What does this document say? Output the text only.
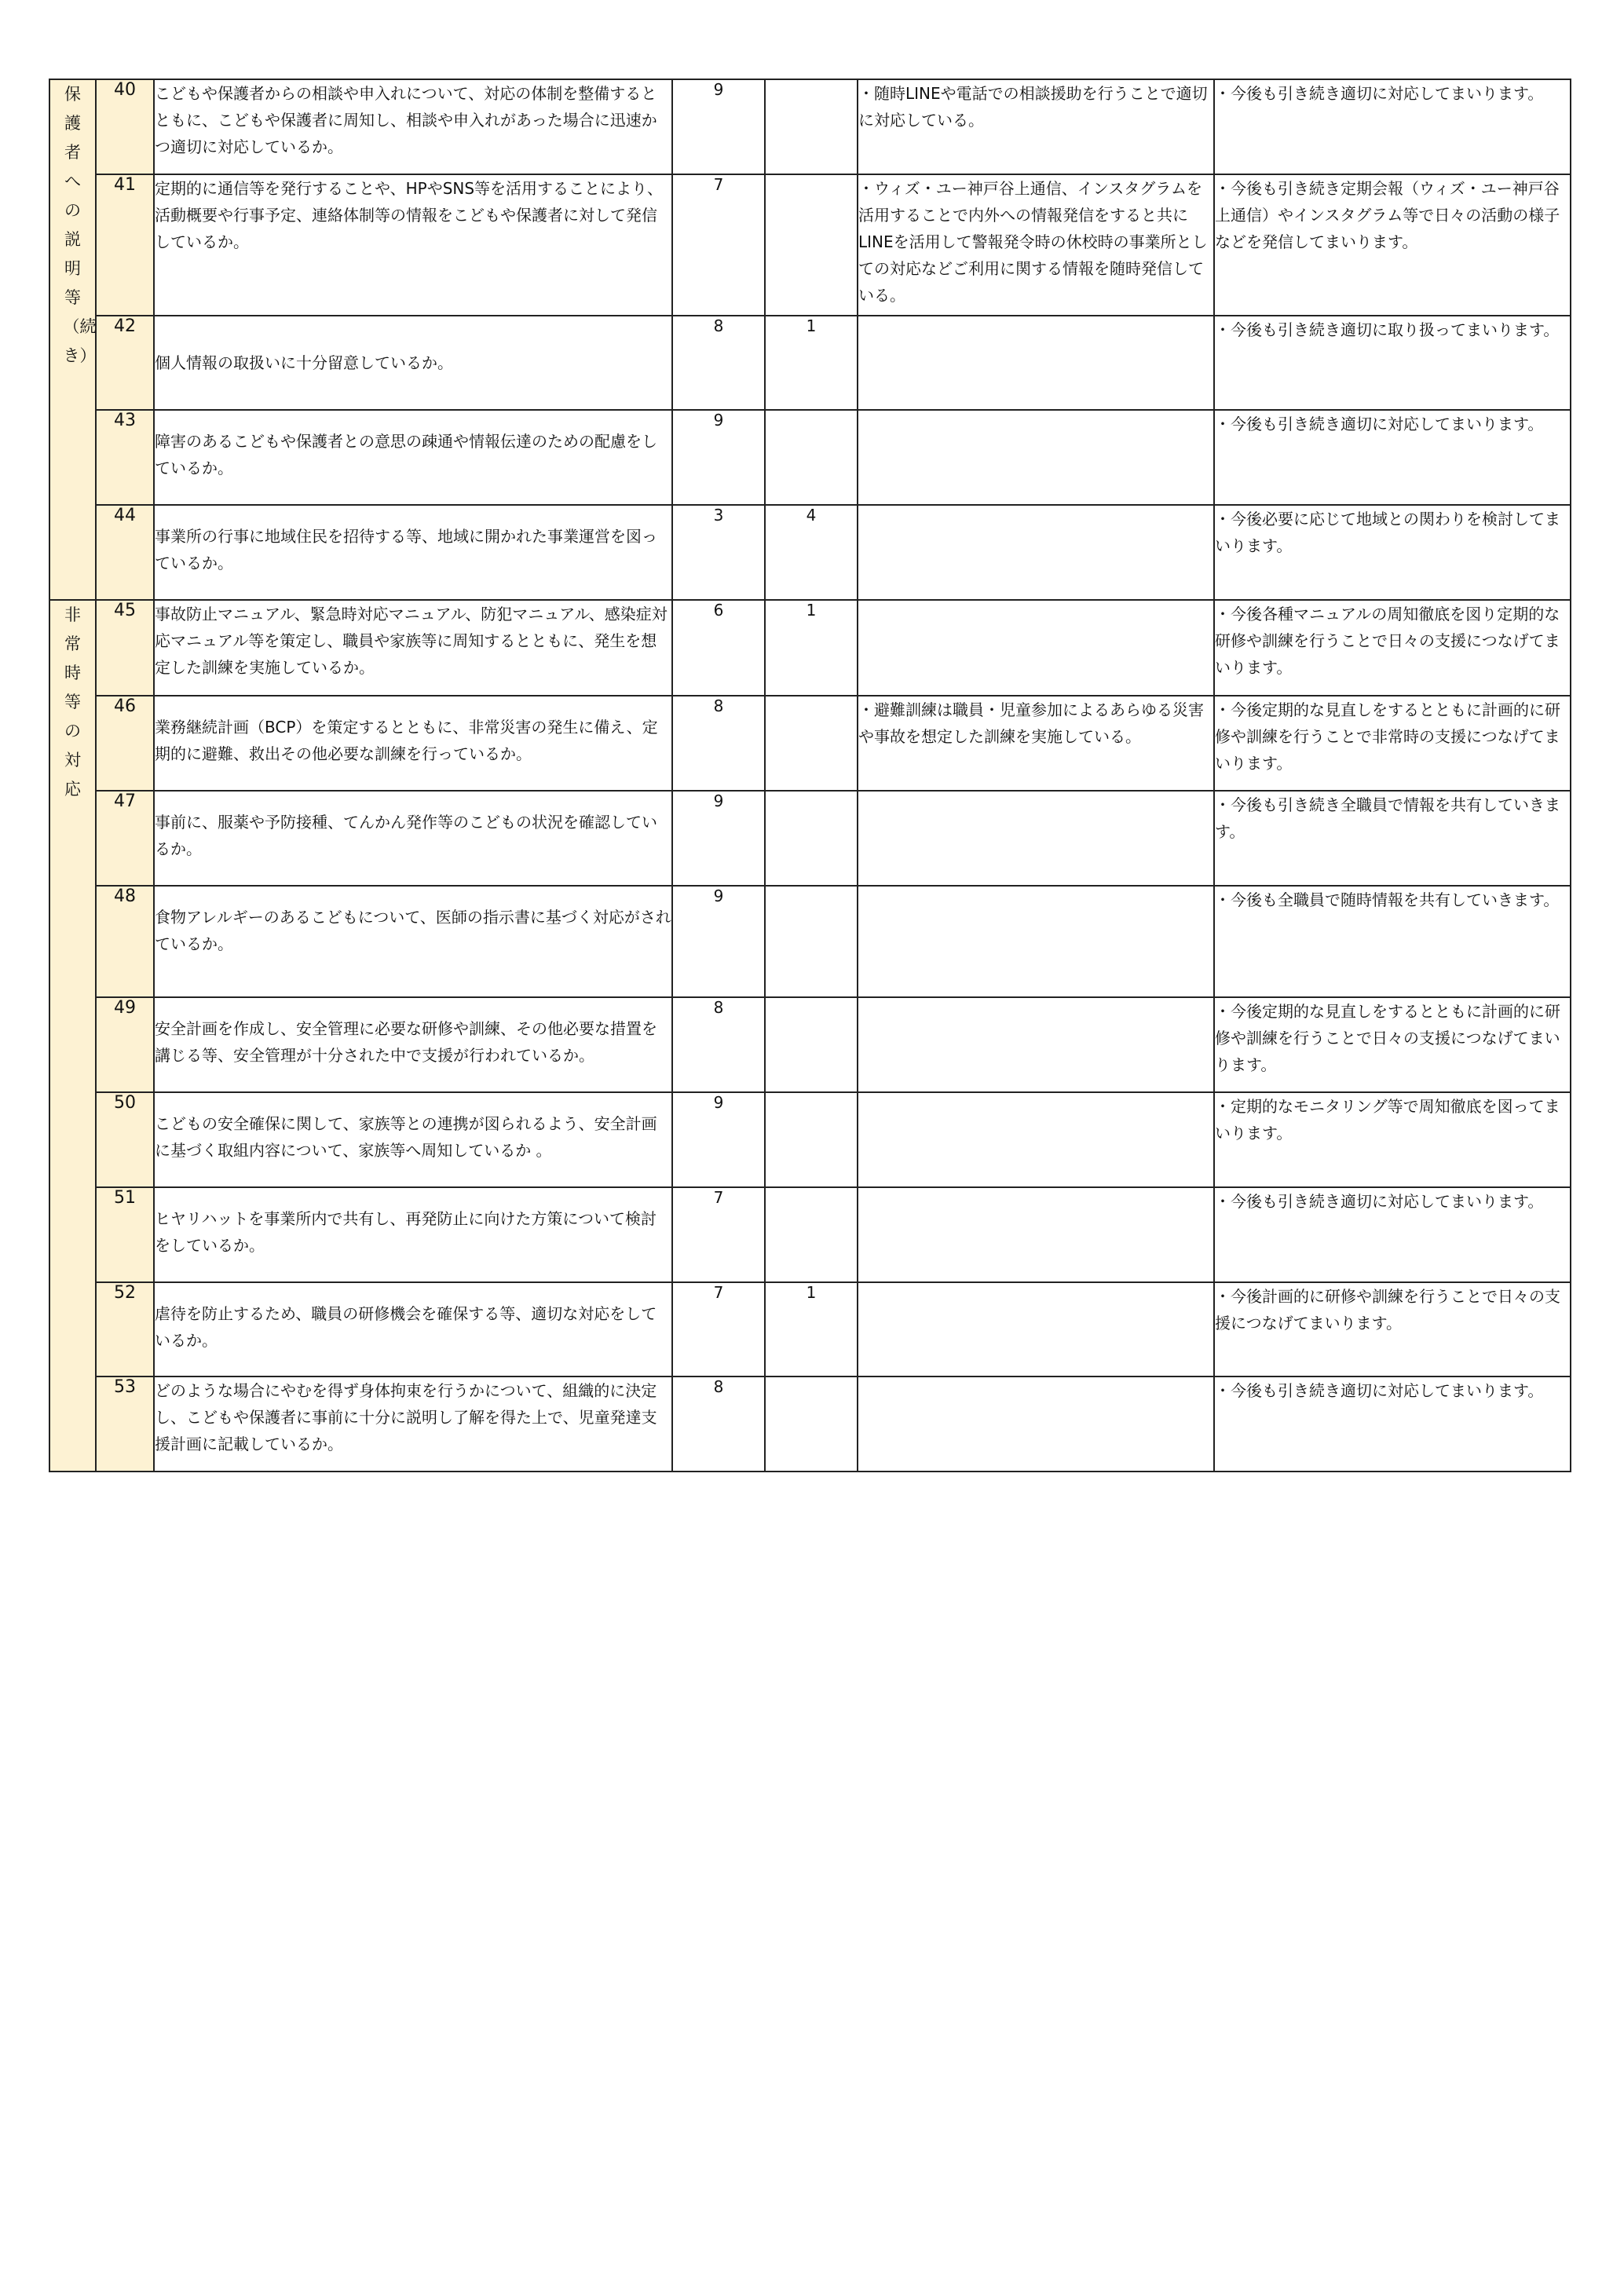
保護者への説明等（続き）	40	こどもや保護者からの相談や申入れについて、対応の体制を整備するとともに、こどもや保護者に周知し、相談や申入れがあった場合に迅速かつ適切に対応しているか。	9		・随時LINEや電話での相談援助を行うことで適切に対応している。	・今後も引き続き適切に対応してまいります。
	41	定期的に通信等を発行することや、HPやSNS等を活用することにより、活動概要や行事予定、連絡体制等の情報をこどもや保護者に対して発信しているか。	7		・ウィズ・ユー神戸谷上通信、インスタグラムを活用することで内外への情報発信をすると共にLINEを活用して警報発令時の休校時の事業所としての対応などご利用に関する情報を随時発信している。	・今後も引き続き定期会報（ウィズ・ユー神戸谷上通信）やインスタグラム等で日々の活動の様子などを発信してまいります。
	42	個人情報の取扱いに十分留意しているか。	8	1		・今後も引き続き適切に取り扱ってまいります。
	43	障害のあるこどもや保護者との意思の疎通や情報伝達のための配慮をしているか。	9			・今後も引き続き適切に対応してまいります。
	44	事業所の行事に地域住民を招待する等、地域に開かれた事業運営を図っているか。	3	4		・今後必要に応じて地域との関わりを検討してまいります。
非常時等の対応	45	事故防止マニュアル、緊急時対応マニュアル、防犯マニュアル、感染症対応マニュアル等を策定し、職員や家族等に周知するとともに、発生を想定した訓練を実施しているか。	6	1		・今後各種マニュアルの周知徹底を図り定期的な研修や訓練を行うことで日々の支援につなげてまいります。
	46	業務継続計画（BCP）を策定するとともに、非常災害の発生に備え、定期的に避難、救出その他必要な訓練を行っているか。	8		・避難訓練は職員・児童参加によるあらゆる災害や事故を想定した訓練を実施している。	・今後定期的な見直しをするとともに計画的に研修や訓練を行うことで非常時の支援につなげてまいります。
	47	事前に、服薬や予防接種、てんかん発作等のこどもの状況を確認しているか。	9			・今後も引き続き全職員で情報を共有していきます。
	48	食物アレルギーのあるこどもについて、医師の指示書に基づく対応がされているか。	9			・今後も全職員で随時情報を共有していきます。
	49	安全計画を作成し、安全管理に必要な研修や訓練、その他必要な措置を講じる等、安全管理が十分された中で支援が行われているか。	8			・今後定期的な見直しをするとともに計画的に研修や訓練を行うことで日々の支援につなげてまいります。
	50	こどもの安全確保に関して、家族等との連携が図られるよう、安全計画に基づく取組内容について、家族等へ周知しているか 。	9			・定期的なモニタリング等で周知徹底を図ってまいります。
	51	ヒヤリハットを事業所内で共有し、再発防止に向けた方策について検討をしているか。	7			・今後も引き続き適切に対応してまいります。
	52	虐待を防止するため、職員の研修機会を確保する等、適切な対応をしているか。	7	1		・今後計画的に研修や訓練を行うことで日々の支援につなげてまいります。
	53	どのような場合にやむを得ず身体拘束を行うかについて、組織的に決定し、こどもや保護者に事前に十分に説明し了解を得た上で、児童発達支援計画に記載しているか。	8			・今後も引き続き適切に対応してまいります。
